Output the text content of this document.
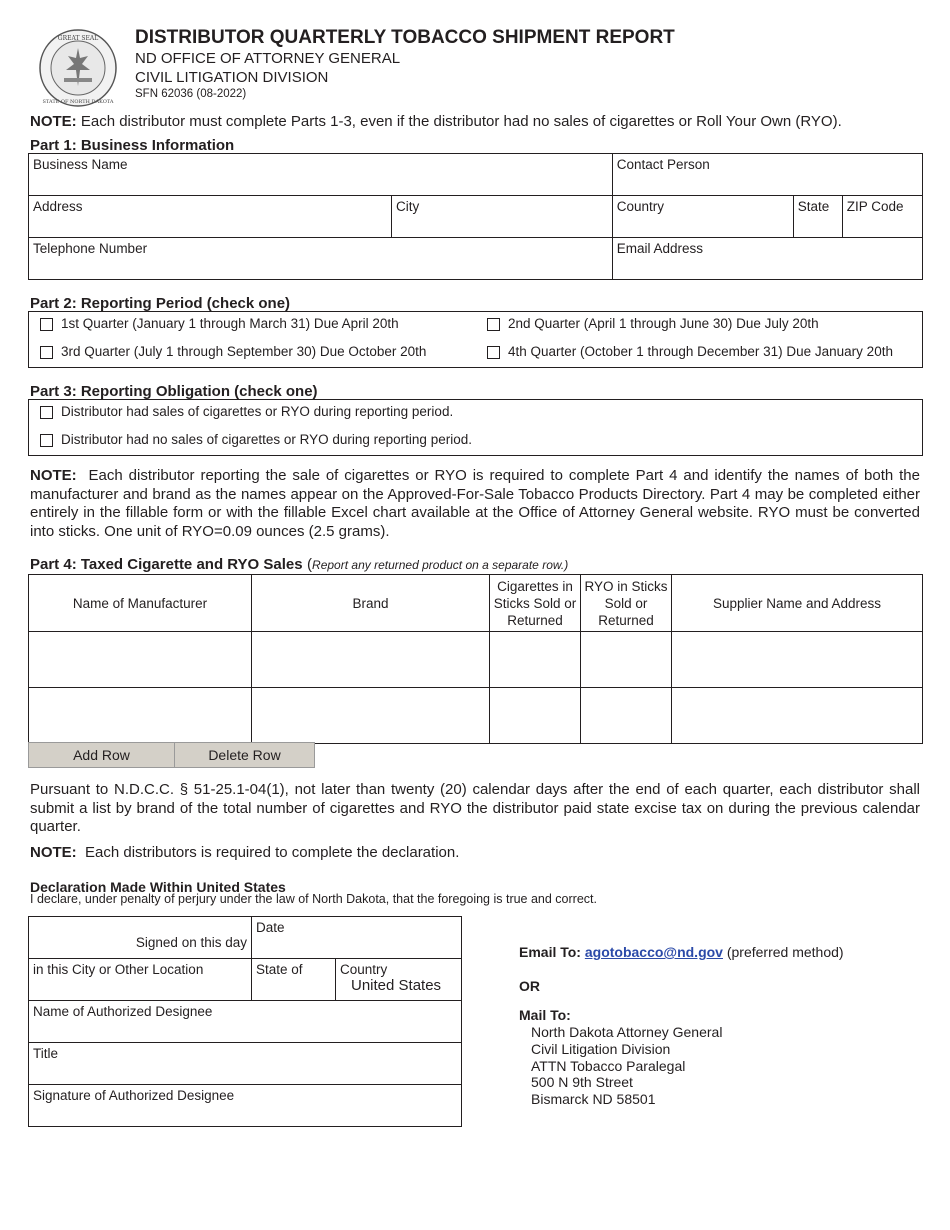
GREAT SEAL
STATE OF NORTH DAKOTA
DISTRIBUTOR QUARTERLY TOBACCO SHIPMENT REPORT
ND OFFICE OF ATTORNEY GENERAL
CIVIL LITIGATION DIVISION
SFN 62036 (08-2022)
NOTE: Each distributor must complete Parts 1-3, even if the distributor had no sales of cigarettes or Roll Your Own (RYO).
Part 1: Business Information
Business Name		Contact Person		
Address	City	Country	State	ZIP Code
Telephone Number		Email Address		
Part 2: Reporting Period (check one)
1st Quarter (January 1 through March 31) Due April 20th	2nd Quarter (April 1 through June 30) Due July 20th
3rd Quarter (July 1 through September 30) Due October 20th	4th Quarter (October 1 through December 31) Due January 20th
Part 3: Reporting Obligation (check one)
Distributor had sales of cigarettes or RYO during reporting period.
Distributor had no sales of cigarettes or RYO during reporting period.
NOTE: Each distributor reporting the sale of cigarettes or RYO is required to complete Part 4 and identify the names of both the manufacturer and brand as the names appear on the Approved-For-Sale Tobacco Products Directory. Part 4 may be completed either entirely in the fillable form or with the fillable Excel chart available at the Office of Attorney General website. RYO must be converted into sticks. One unit of RYO=0.09 ounces (2.5 grams).
Part 4: Taxed Cigarette and RYO Sales (Report any returned product on a separate row.)
Name of Manufacturer	Brand	Cigarettes in Sticks Sold or Returned	RYO in Sticks Sold or Returned	Supplier Name and Address

Add Row	Delete Row
Pursuant to N.D.C.C. § 51-25.1-04(1), not later than twenty (20) calendar days after the end of each quarter, each distributor shall submit a list by brand of the total number of cigarettes and RYO the distributor paid state excise tax on during the previous calendar quarter.
NOTE: Each distributors is required to complete the declaration.
Declaration Made Within United States
I declare, under penalty of perjury under the law of North Dakota, that the foregoing is true and correct.
Signed on this day	Date	
in this City or Other Location	State of	Country
United States

Name of Authorized Designee		
Title		
Signature of Authorized Designee		
Email To: agotobacco@nd.gov (preferred method)
OR
Mail To:
North Dakota Attorney General
Civil Litigation Division
ATTN Tobacco Paralegal
500 N 9th Street
Bismarck ND 58501
